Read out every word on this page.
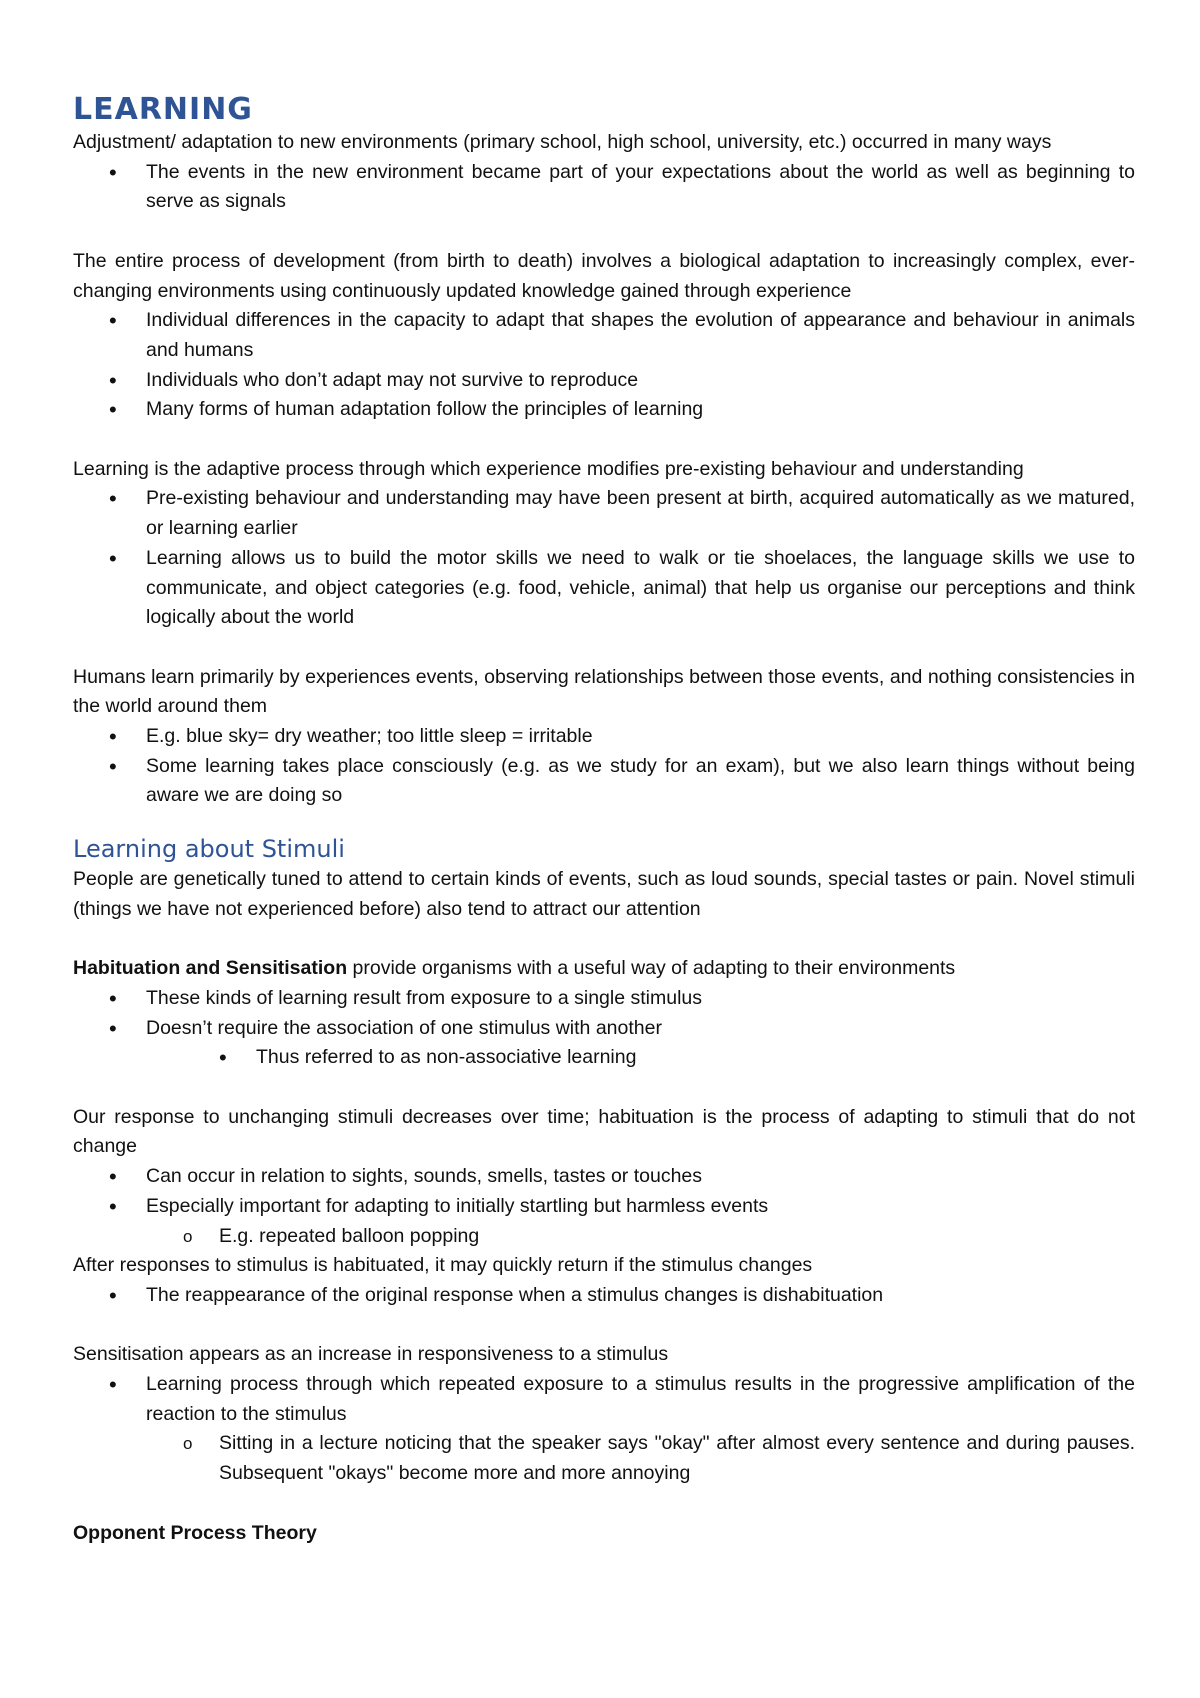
LEARNING

Adjustment/ adaptation to new environments (primary school, high school, university, etc.) occurred in many ways

• The events in the new environment became part of your expectations about the world as well as beginning to serve as signals

The entire process of development (from birth to death) involves a biological adaptation to increasingly complex, ever-changing environments using continuously updated knowledge gained through experience

• Individual differences in the capacity to adapt that shapes the evolution of appearance and behaviour in animals and humans
• Individuals who don’t adapt may not survive to reproduce
• Many forms of human adaptation follow the principles of learning

Learning is the adaptive process through which experience modifies pre-existing behaviour and understanding

• Pre-existing behaviour and understanding may have been present at birth, acquired automatically as we matured, or learning earlier
• Learning allows us to build the motor skills we need to walk or tie shoelaces, the language skills we use to communicate, and object categories (e.g. food, vehicle, animal) that help us organise our perceptions and think logically about the world

Humans learn primarily by experiences events, observing relationships between those events, and nothing consistencies in the world around them

• E.g. blue sky= dry weather; too little sleep = irritable
• Some learning takes place consciously (e.g. as we study for an exam), but we also learn things without being aware we are doing so
Learning about Stimuli

People are genetically tuned to attend to certain kinds of events, such as loud sounds, special tastes or pain. Novel stimuli (things we have not experienced before) also tend to attract our attention

Habituation and Sensitisation provide organisms with a useful way of adapting to their environments

• These kinds of learning result from exposure to a single stimulus
• Doesn’t require the association of one stimulus with another
• Thus referred to as non-associative learning

Our response to unchanging stimuli decreases over time; habituation is the process of adapting to stimuli that do not change

• Can occur in relation to sights, sounds, smells, tastes or touches
• Especially important for adapting to initially startling but harmless events
o E.g. repeated balloon popping

After responses to stimulus is habituated, it may quickly return if the stimulus changes

• The reappearance of the original response when a stimulus changes is dishabituation

Sensitisation appears as an increase in responsiveness to a stimulus

• Learning process through which repeated exposure to a stimulus results in the progressive amplification of the reaction to the stimulus
o Sitting in a lecture noticing that the speaker says "okay" after almost every sentence and during pauses. Subsequent "okays" become more and more annoying

Opponent Process Theory
